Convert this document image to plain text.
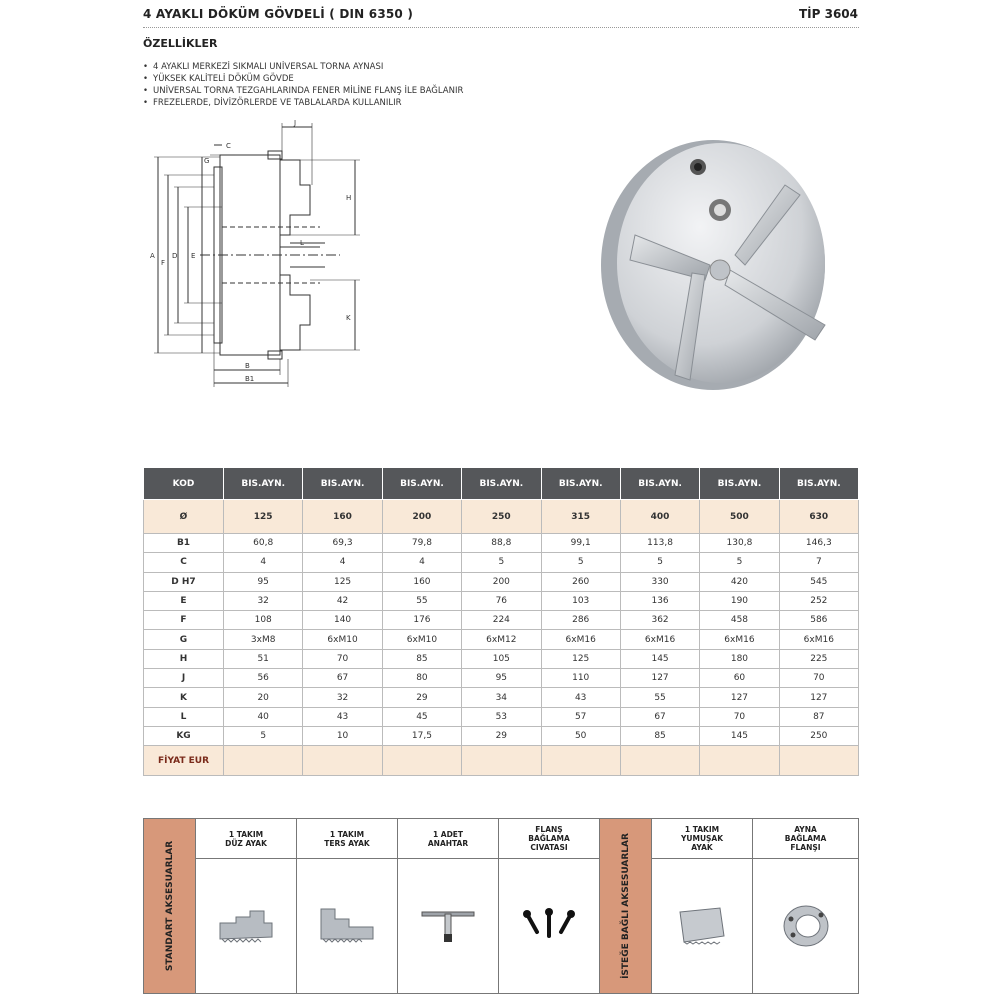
4 AYAKLI DÖKÜM GÖVDELİ ( DIN 6350 )	TİP 3604
ÖZELLİKLER
• 4 AYAKLI MERKEZİ SIKMALI UNİVERSAL TORNA AYNASI
• YÜKSEK KALİTELİ DÖKÜM GÖVDE
• UNİVERSAL TORNA TEZGAHLARINDA FENER MİLİNE FLANŞ İLE BAĞLANIR
• FREZELERDE, DİVİZÖRLERDE VE TABLALARDA KULLANILIR
J
C
G
H
A
F
D E
L
K
B
B1
KOD	BIS.AYN.	BIS.AYN.	BIS.AYN.	BIS.AYN.	BIS.AYN.	BIS.AYN.	BIS.AYN.	BIS.AYN.
Ø	125	160	200	250	315	400	500	630
B1	60,8	69,3	79,8	88,8	99,1	113,8	130,8	146,3
C	4	4	4	5	5	5	5	7
D H7	95	125	160	200	260	330	420	545
E	32	42	55	76	103	136	190	252
F	108	140	176	224	286	362	458	586
G	3xM8	6xM10	6xM10	6xM12	6xM16	6xM16	6xM16	6xM16
H	51	70	85	105	125	145	180	225
J	56	67	80	95	110	127	60	70
K	20	32	29	34	43	55	127	127
L	40	43	45	53	57	67	70	87
KG	5	10	17,5	29	50	85	145	250
FİYAT EUR								
STANDART AKSESUARLAR
1 TAKIM
DÜZ AYAK
1 TAKIM
TERS AYAK
1 ADET
ANAHTAR
FLANŞ
BAĞLAMA
CIVATASI	İSTEĞE BAĞLI AKSESUARLAR
1 TAKIM
YUMUŞAK
AYAK
AYNA
BAĞLAMA
FLANŞI
